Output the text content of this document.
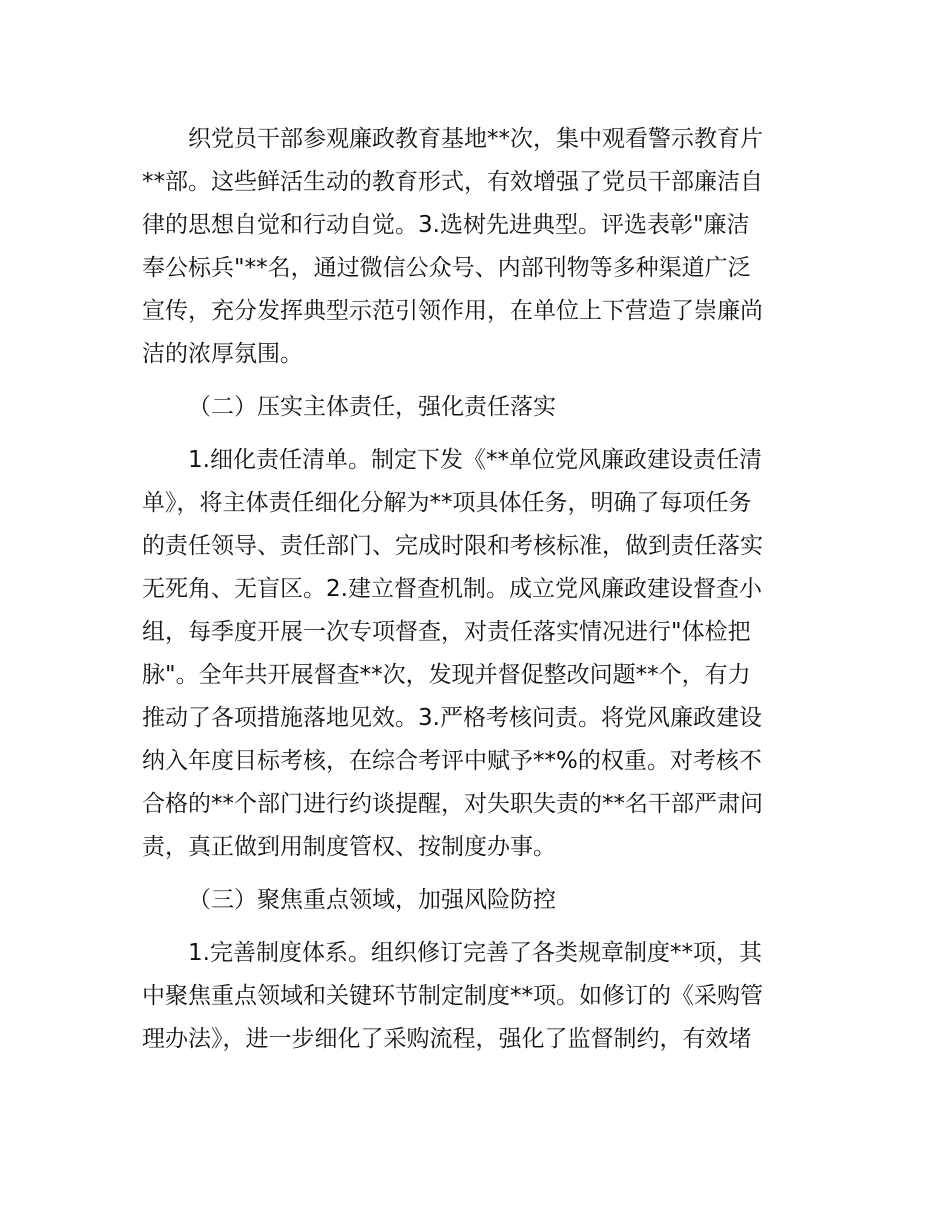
织党员干部参观廉政教育基地**次，集中观看警示教育片
**部。这些鲜活生动的教育形式，有效增强了党员干部廉洁自
律的思想自觉和行动自觉。3.选树先进典型。评选表彰"廉洁
奉公标兵"**名，通过微信公众号、内部刊物等多种渠道广泛
宣传，充分发挥典型示范引领作用，在单位上下营造了崇廉尚
洁的浓厚氛围。
（二）压实主体责任，强化责任落实
1.细化责任清单。制定下发《**单位党风廉政建设责任清
单》，将主体责任细化分解为**项具体任务，明确了每项任务
的责任领导、责任部门、完成时限和考核标准，做到责任落实
无死角、无盲区。2.建立督查机制。成立党风廉政建设督查小
组，每季度开展一次专项督查，对责任落实情况进行"体检把
脉"。全年共开展督查**次，发现并督促整改问题**个，有力
推动了各项措施落地见效。3.严格考核问责。将党风廉政建设
纳入年度目标考核，在综合考评中赋予**%的权重。对考核不
合格的**个部门进行约谈提醒，对失职失责的**名干部严肃问
责，真正做到用制度管权、按制度办事。
（三）聚焦重点领域，加强风险防控
1.完善制度体系。组织修订完善了各类规章制度**项，其
中聚焦重点领域和关键环节制定制度**项。如修订的《采购管
理办法》，进一步细化了采购流程，强化了监督制约，有效堵
